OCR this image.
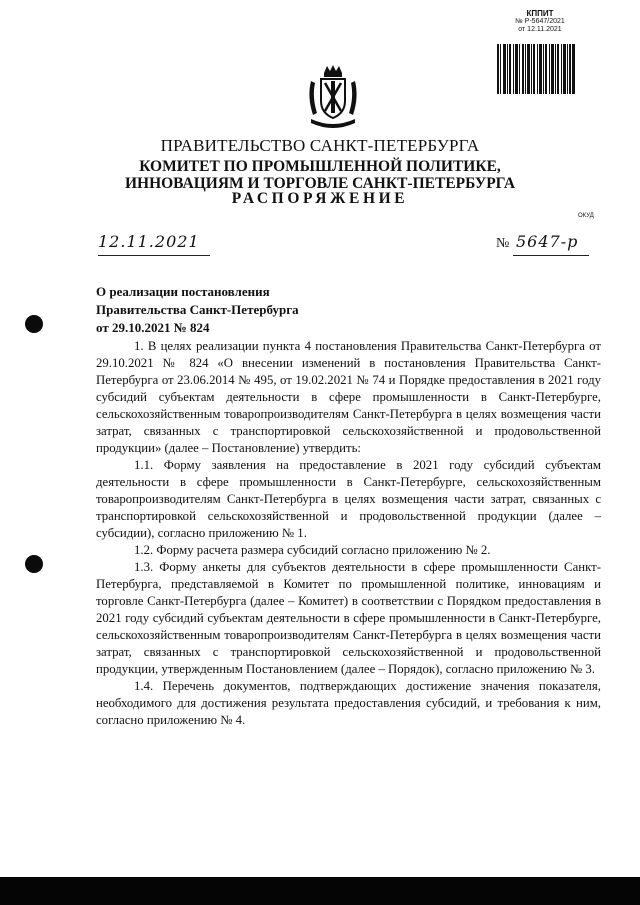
КППИТ
№ Р-5647/2021
от 12.11.2021
ПРАВИТЕЛЬСТВО САНКТ-ПЕТЕРБУРГА
КОМИТЕТ ПО ПРОМЫШЛЕННОЙ ПОЛИТИКЕ,
ИННОВАЦИЯМ И ТОРГОВЛЕ САНКТ-ПЕТЕРБУРГА
РАСПОРЯЖЕНИЕ
ОКУД
12.11.2021	№ 5647-р
О реализации постановления
Правительства Санкт-Петербурга
от 29.10.2021 № 824

1. В целях реализации пункта 4 постановления Правительства Санкт-Петербурга от 29.10.2021 № 824 «О внесении изменений в постановления Правительства Санкт-Петербурга от 23.06.2014 № 495, от 19.02.2021 № 74 и Порядке предоставления в 2021 году субсидий субъектам деятельности в сфере промышленности в Санкт-Петербурге, сельскохозяйственным товаропроизводителям Санкт-Петербурга в целях возмещения части затрат, связанных с транспортировкой сельскохозяйственной и продовольственной продукции» (далее – Постановление) утвердить:

1.1. Форму заявления на предоставление в 2021 году субсидий субъектам деятельности в сфере промышленности в Санкт-Петербурге, сельскохозяйственным товаропроизводителям Санкт-Петербурга в целях возмещения части затрат, связанных с транспортировкой сельскохозяйственной и продовольственной продукции (далее – субсидии), согласно приложению № 1.

1.2. Форму расчета размера субсидий согласно приложению № 2.

1.3. Форму анкеты для субъектов деятельности в сфере промышленности Санкт-Петербурга, представляемой в Комитет по промышленной политике, инновациям и торговле Санкт-Петербурга (далее – Комитет) в соответствии с Порядком предоставления в 2021 году субсидий субъектам деятельности в сфере промышленности в Санкт-Петербурге, сельскохозяйственным товаропроизводителям Санкт-Петербурга в целях возмещения части затрат, связанных с транспортировкой сельскохозяйственной и продовольственной продукции, утвержденным Постановлением (далее – Порядок), согласно приложению № 3.

1.4. Перечень документов, подтверждающих достижение значения показателя, необходимого для достижения результата предоставления субсидий, и требования к ним, согласно приложению № 4.
